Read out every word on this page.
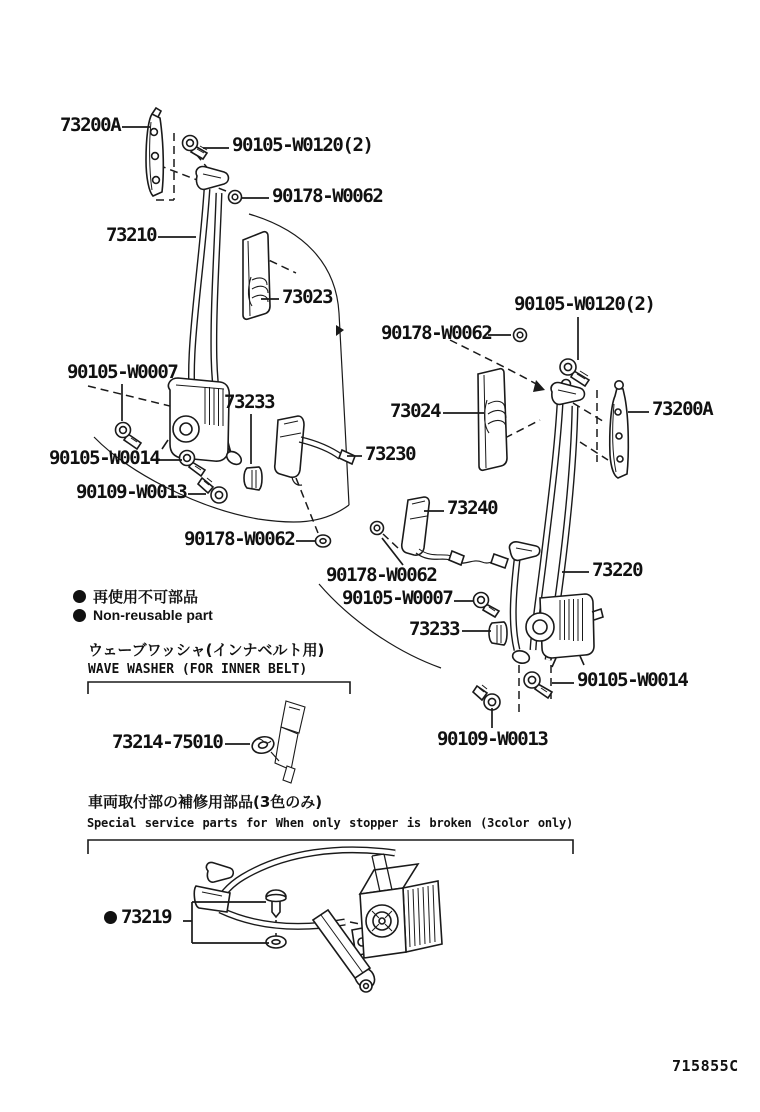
73200A
90105-W0120(2)
90178-W0062
73210
73023	90105-W0120(2)
90178-W0062
90105-W0007
73233	73024	73200A
90105-W0014	73230
90109-W0013
73240
90178-W0062
73220
90178-W0062
90105-W0007
73233
90105-W0014
90109-W0013
73214-75010
73219
再使用不可部品
Non-reusable part
ウェーブワッシャ(インナベルト用)
WAVE WASHER (FOR INNER BELT)
車両取付部の補修用部品(3色のみ)
Special service parts for When only stopper is broken (3color only)
715855C
